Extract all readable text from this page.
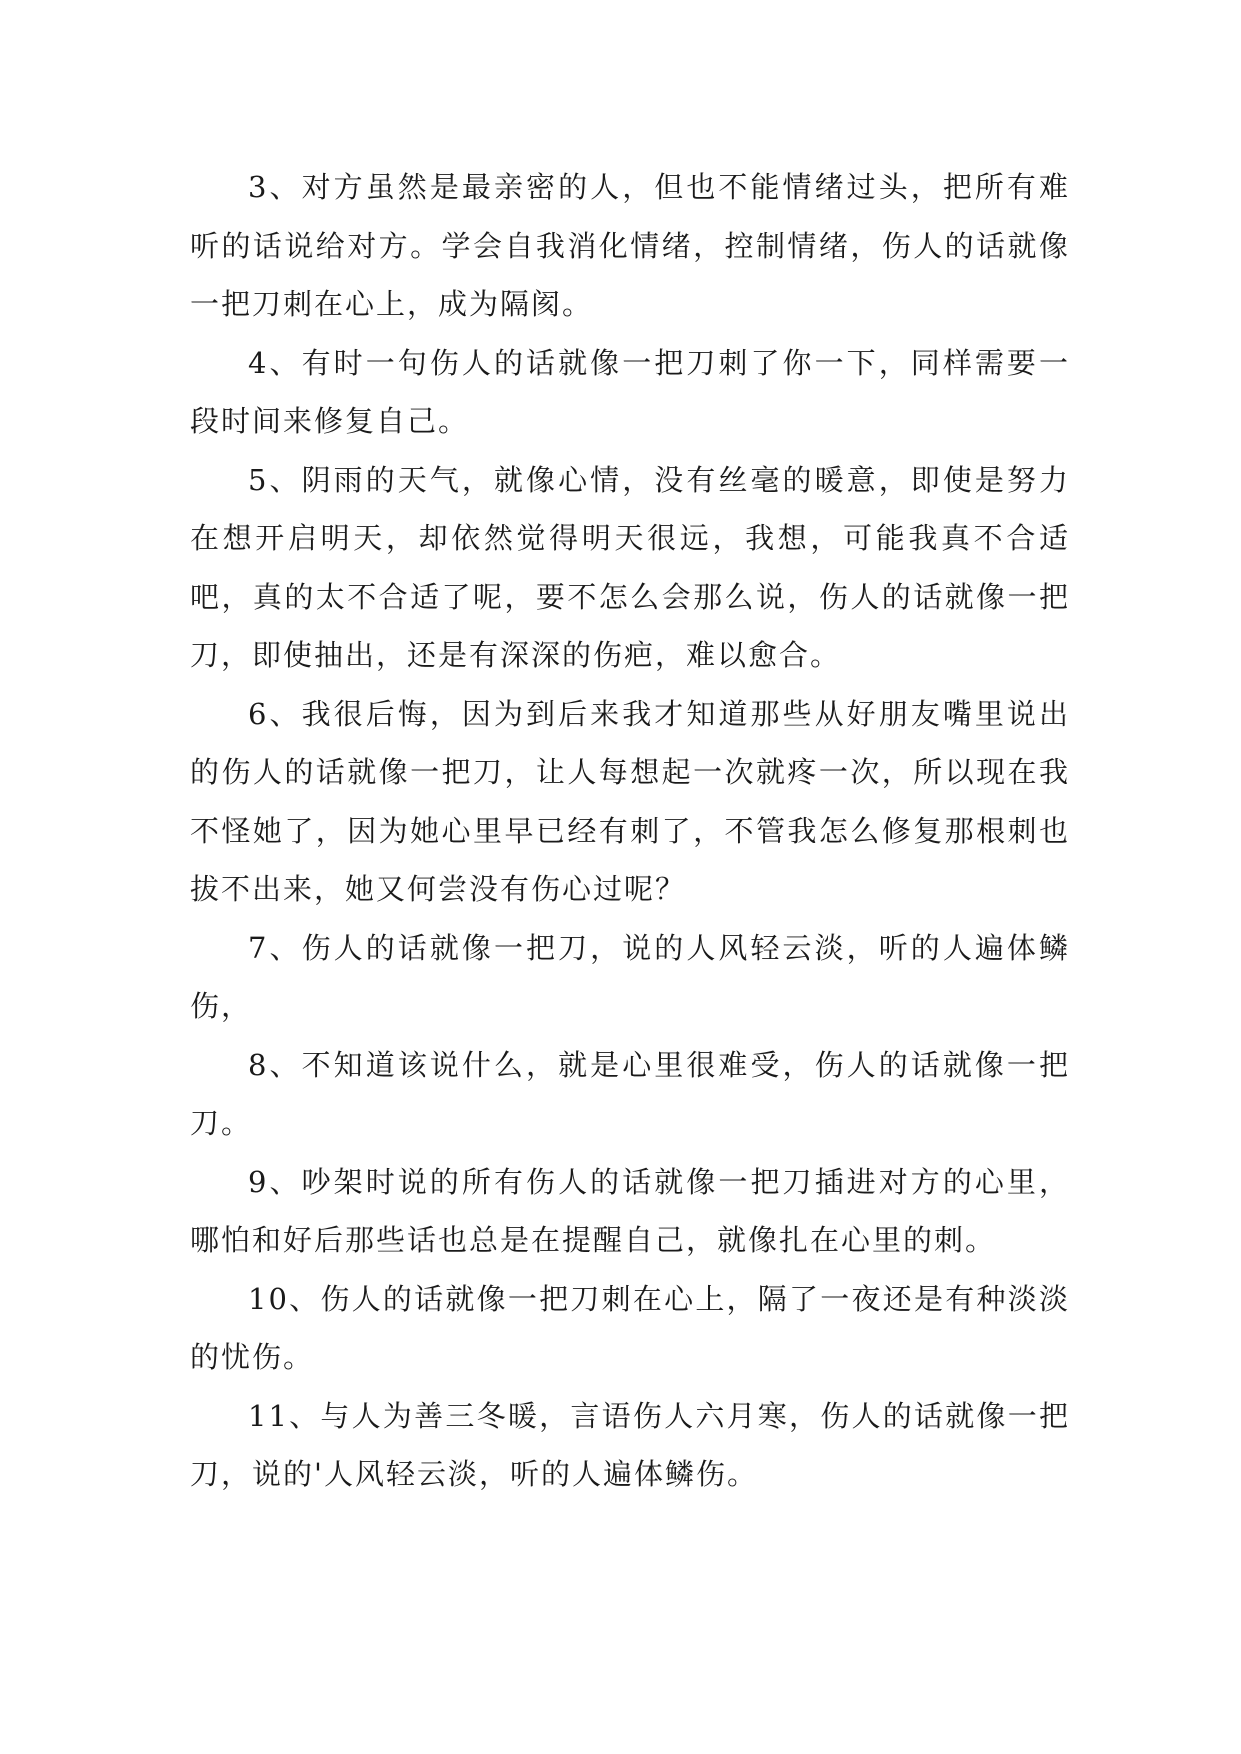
3、对方虽然是最亲密的人，但也不能情绪过头，把所有难听的话说给对方。学会自我消化情绪，控制情绪，伤人的话就像一把刀刺在心上，成为隔阂。

4、有时一句伤人的话就像一把刀刺了你一下，同样需要一段时间来修复自己。

5、阴雨的天气，就像心情，没有丝毫的暖意，即使是努力在想开启明天，却依然觉得明天很远，我想，可能我真不合适吧，真的太不合适了呢，要不怎么会那么说，伤人的话就像一把刀，即使抽出，还是有深深的伤疤，难以愈合。

6、我很后悔，因为到后来我才知道那些从好朋友嘴里说出的伤人的话就像一把刀，让人每想起一次就疼一次，所以现在我不怪她了，因为她心里早已经有刺了，不管我怎么修复那根刺也拔不出来，她又何尝没有伤心过呢？

7、伤人的话就像一把刀，说的人风轻云淡，听的人遍体鳞伤，

8、不知道该说什么，就是心里很难受，伤人的话就像一把刀。

9、吵架时说的所有伤人的话就像一把刀插进对方的心里，哪怕和好后那些话也总是在提醒自己，就像扎在心里的刺。

10、伤人的话就像一把刀刺在心上，隔了一夜还是有种淡淡的忧伤。

11、与人为善三冬暖，言语伤人六月寒，伤人的话就像一把刀，说的'人风轻云淡，听的人遍体鳞伤。
